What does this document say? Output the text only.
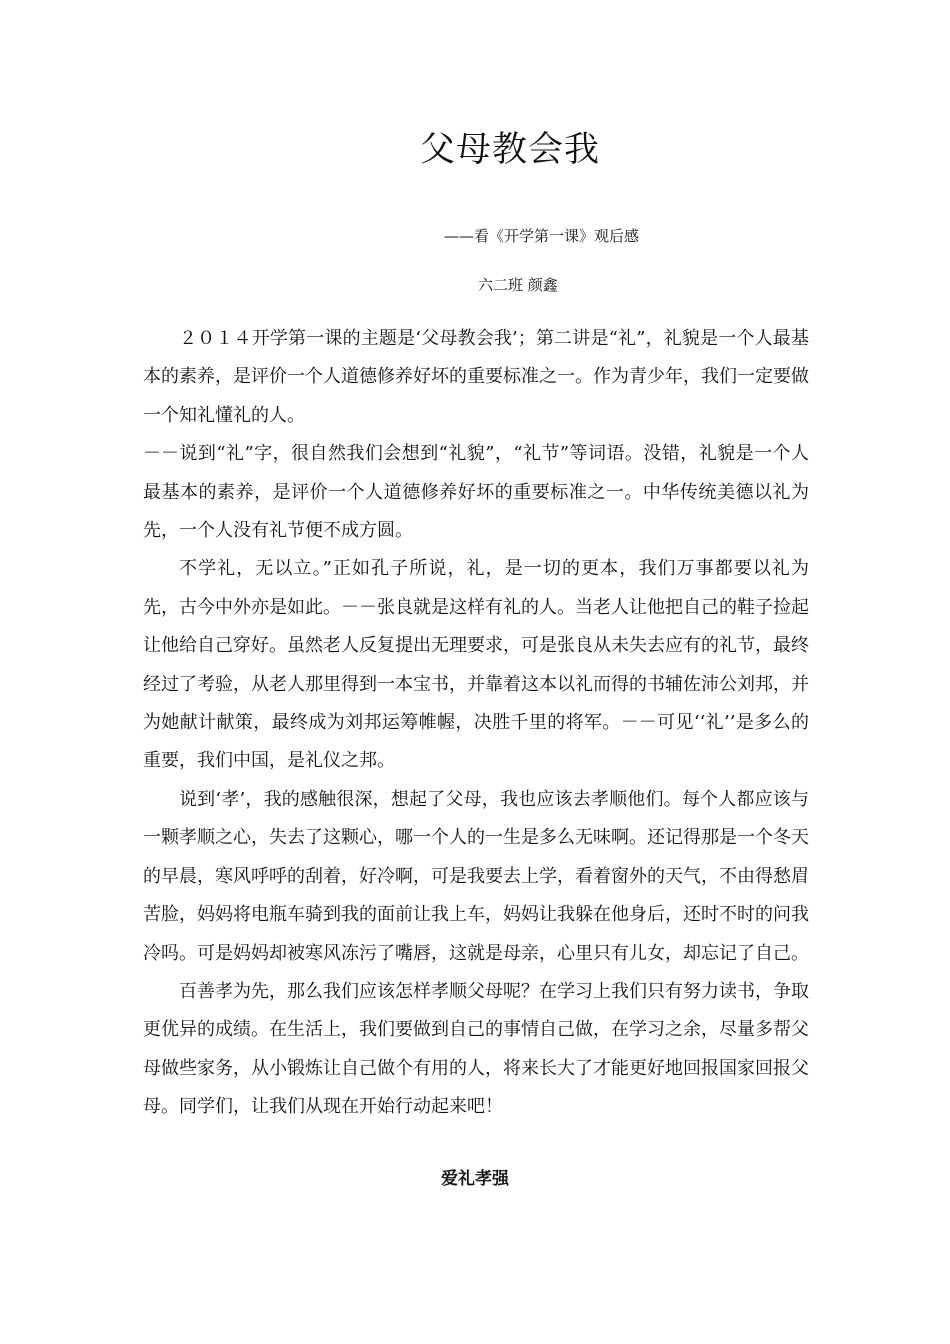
父母教会我
——看《开学第一课》观后感
六二班 颜鑫

２０１４开学第一课的主题是‘父母教会我’；第二讲是“礼”，礼貌是一个人最基本的素养，是评价一个人道德修养好坏的重要标准之一。作为青少年，我们一定要做一个知礼懂礼的人。

－－说到“礼”字，很自然我们会想到“礼貌”，“礼节”等词语。没错，礼貌是一个人最基本的素养，是评价一个人道德修养好坏的重要标准之一。中华传统美德以礼为先，一个人没有礼节便不成方圆。

不学礼，无以立。”正如孔子所说，礼，是一切的更本，我们万事都要以礼为先，古今中外亦是如此。－－张良就是这样有礼的人。当老人让他把自己的鞋子捡起让他给自己穿好。虽然老人反复提出无理要求，可是张良从未失去应有的礼节，最终经过了考验，从老人那里得到一本宝书，并靠着这本以礼而得的书辅佐沛公刘邦，并为她献计献策，最终成为刘邦运筹帷幄，决胜千里的将军。－－可见‘‘礼’’是多么的重要，我们中国，是礼仪之邦。

说到‘孝’，我的感触很深，想起了父母，我也应该去孝顺他们。每个人都应该与一颗孝顺之心，失去了这颗心，哪一个人的一生是多么无味啊。还记得那是一个冬天的早晨，寒风呼呼的刮着，好冷啊，可是我要去上学，看着窗外的天气，不由得愁眉苦脸，妈妈将电瓶车骑到我的面前让我上车，妈妈让我躲在他身后，还时不时的问我冷吗。可是妈妈却被寒风冻污了嘴唇，这就是母亲，心里只有儿女，却忘记了自己。

百善孝为先，那么我们应该怎样孝顺父母呢？在学习上我们只有努力读书，争取更优异的成绩。在生活上，我们要做到自己的事情自己做，在学习之余，尽量多帮父母做些家务，从小锻炼让自己做个有用的人，将来长大了才能更好地回报国家回报父母。同学们，让我们从现在开始行动起来吧！

爱礼孝强
